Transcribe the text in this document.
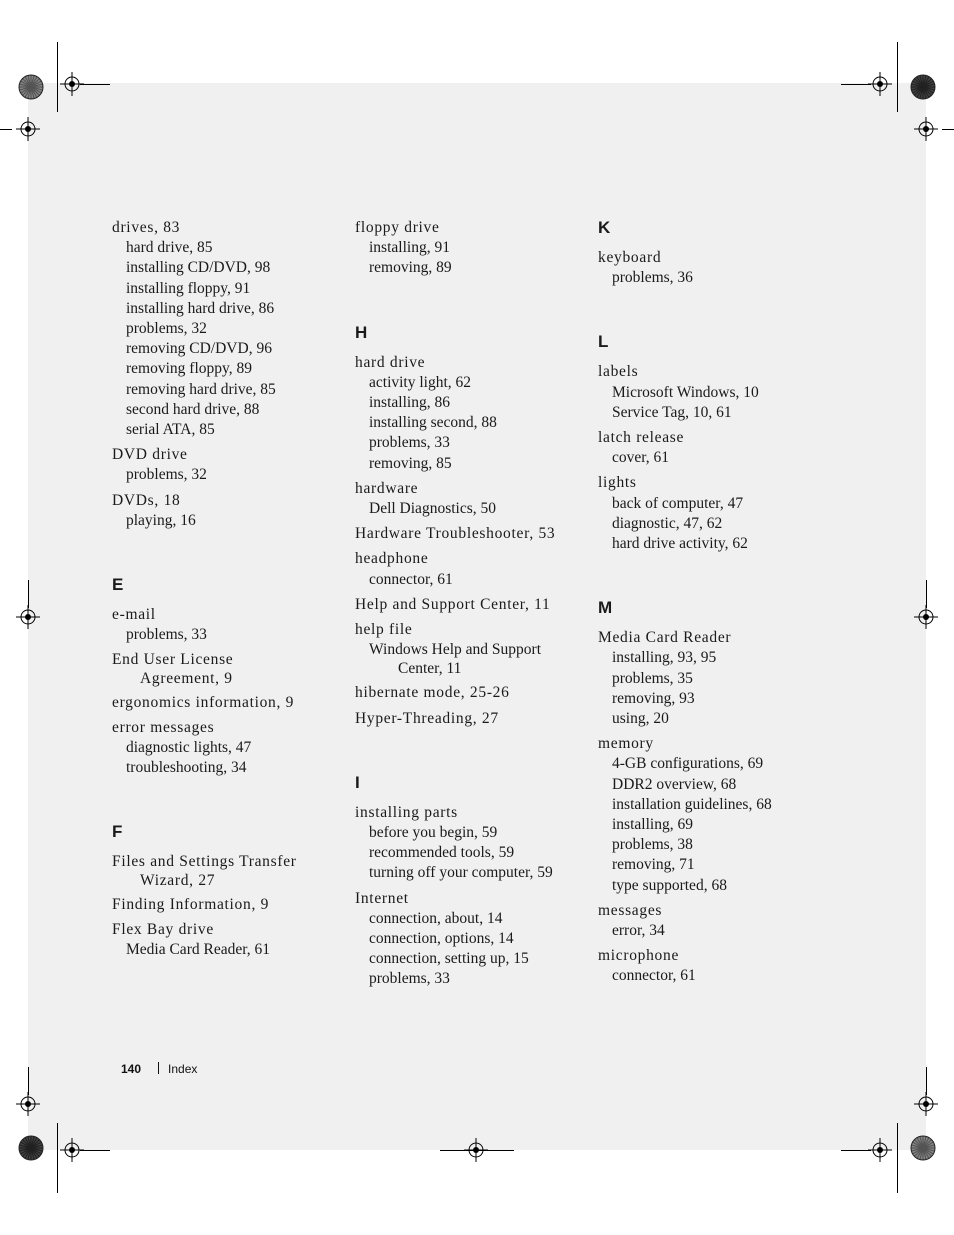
drives, 83
hard drive, 85
installing CD/DVD, 98
installing floppy, 91
installing hard drive, 86
problems, 32
removing CD/DVD, 96
removing floppy, 89
removing hard drive, 85
second hard drive, 88
serial ATA, 85
DVD drive
problems, 32
DVDs, 18
playing, 16
E
e-mail
problems, 33
End User License
Agreement, 9
ergonomics information, 9
error messages
diagnostic lights, 47
troubleshooting, 34
F
Files and Settings Transfer
Wizard, 27
Finding Information, 9
Flex Bay drive
Media Card Reader, 61
floppy drive
installing, 91
removing, 89
H
hard drive
activity light, 62
installing, 86
installing second, 88
problems, 33
removing, 85
hardware
Dell Diagnostics, 50
Hardware Troubleshooter, 53
headphone
connector, 61
Help and Support Center, 11
help file
Windows Help and Support
Center, 11
hibernate mode, 25-26
Hyper-Threading, 27
I
installing parts
before you begin, 59
recommended tools, 59
turning off your computer, 59
Internet
connection, about, 14
connection, options, 14
connection, setting up, 15
problems, 33
K
keyboard
problems, 36
L
labels
Microsoft Windows, 10
Service Tag, 10, 61
latch release
cover, 61
lights
back of computer, 47
diagnostic, 47, 62
hard drive activity, 62
M
Media Card Reader
installing, 93, 95
problems, 35
removing, 93
using, 20
memory
4-GB configurations, 69
DDR2 overview, 68
installation guidelines, 68
installing, 69
problems, 38
removing, 71
type supported, 68
messages
error, 34
microphone
connector, 61
140 Index
